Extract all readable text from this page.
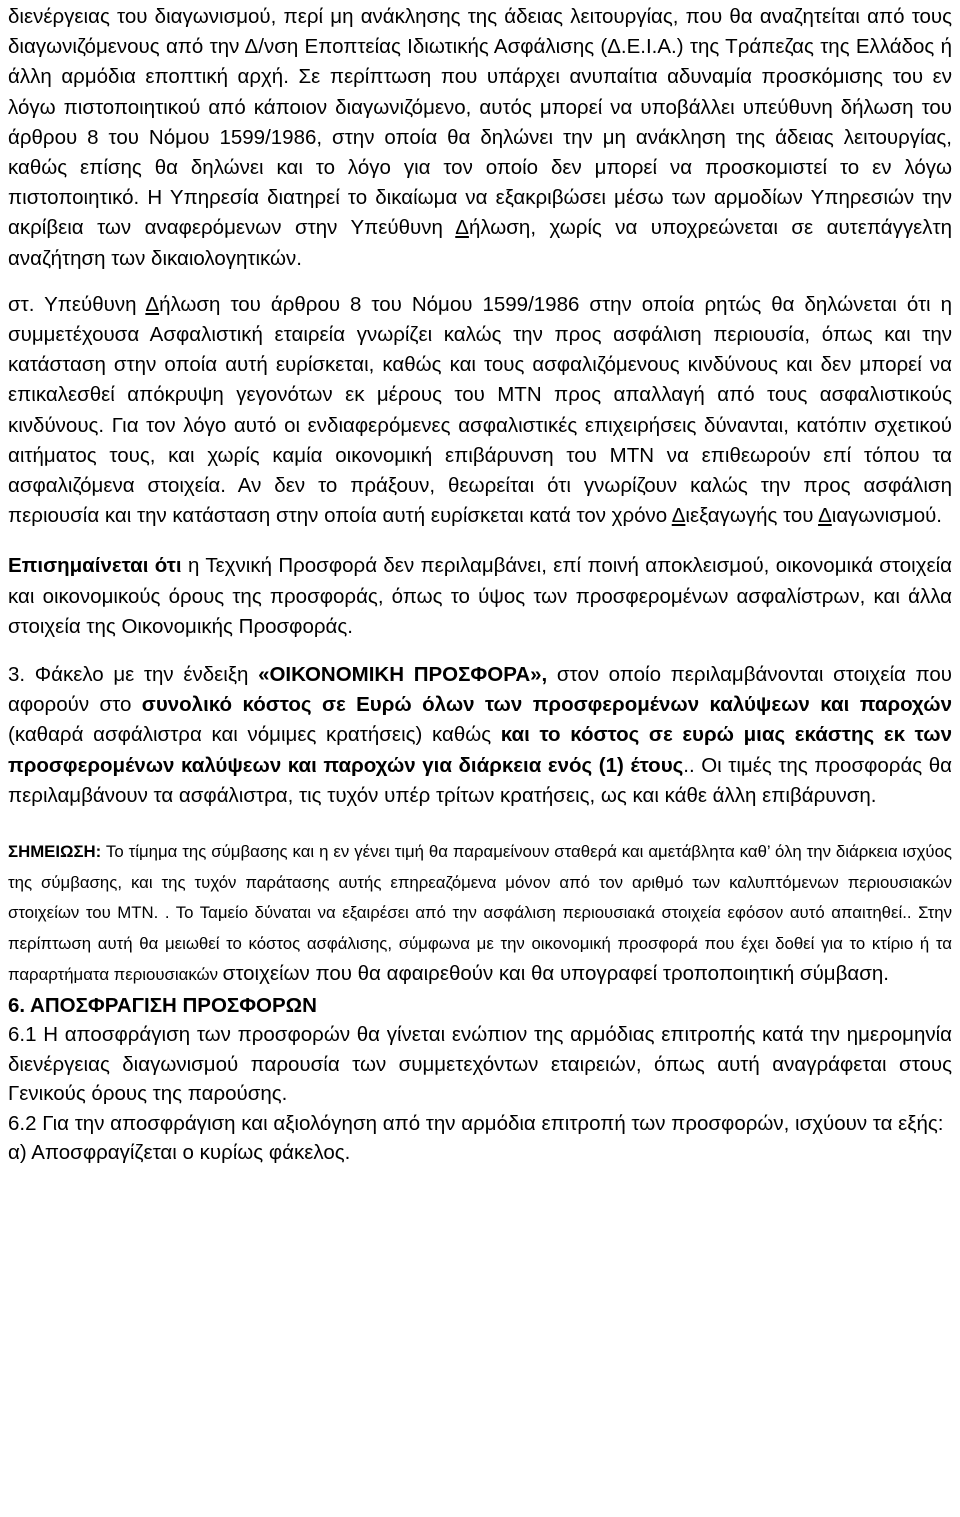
διενέργειας του διαγωνισμού, περί μη ανάκλησης της άδειας λειτουργίας, που θα αναζητείται από τους διαγωνιζόμενους από την Δ/νση Εποπτείας Ιδιωτικής Ασφάλισης (Δ.Ε.Ι.Α.) της Τράπεζας της Ελλάδος ή άλλη αρμόδια εποπτική αρχή. Σε περίπτωση που υπάρχει ανυπαίτια αδυναμία προσκόμισης του εν λόγω πιστοποιητικού από κάποιον διαγωνιζόμενο, αυτός μπορεί να υποβάλλει υπεύθυνη δήλωση του άρθρου 8 του Νόμου 1599/1986, στην οποία θα δηλώνει την μη ανάκληση της άδειας λειτουργίας, καθώς επίσης θα δηλώνει και το λόγο για τον οποίο δεν μπορεί να προσκομιστεί το εν λόγω πιστοποιητικό. Η Υπηρεσία διατηρεί το δικαίωμα να εξακριβώσει μέσω των αρμοδίων Υπηρεσιών την ακρίβεια των αναφερόμενων στην Υπεύθυνη Δήλωση, χωρίς να υποχρεώνεται σε αυτεπάγγελτη αναζήτηση των δικαιολογητικών.

στ. Υπεύθυνη Δήλωση του άρθρου 8 του Νόμου 1599/1986 στην οποία ρητώς θα δηλώνεται ότι η συμμετέχουσα Ασφαλιστική εταιρεία γνωρίζει καλώς την προς ασφάλιση περιουσία, όπως και την κατάσταση στην οποία αυτή ευρίσκεται, καθώς και τους ασφαλιζόμενους κινδύνους και δεν μπορεί να επικαλεσθεί απόκρυψη γεγονότων εκ μέρους του ΜΤΝ προς απαλλαγή από τους ασφαλιστικούς κινδύνους. Για τον λόγο αυτό οι ενδιαφερόμενες ασφαλιστικές επιχειρήσεις δύνανται, κατόπιν σχετικού αιτήματος τους, και χωρίς καμία οικονομική επιβάρυνση του ΜΤΝ να επιθεωρούν επί τόπου τα ασφαλιζόμενα στοιχεία. Αν δεν το πράξουν, θεωρείται ότι γνωρίζουν καλώς την προς ασφάλιση περιουσία και την κατάσταση στην οποία αυτή ευρίσκεται κατά τον χρόνο Διεξαγωγής του Διαγωνισμού.

Επισημαίνεται ότι η Τεχνική Προσφορά δεν περιλαμβάνει, επί ποινή αποκλεισμού, οικονομικά στοιχεία και οικονομικούς όρους της προσφοράς, όπως το ύψος των προσφερομένων ασφαλίστρων, και άλλα στοιχεία της Οικονομικής Προσφοράς.

3. Φάκελο με την ένδειξη «ΟΙΚΟΝΟΜΙΚΗ ΠΡΟΣΦΟΡΑ», στον οποίο περιλαμβάνονται στοιχεία που αφορούν στο συνολικό κόστος σε Ευρώ όλων των προσφερομένων καλύψεων και παροχών (καθαρά ασφάλιστρα και νόμιμες κρατήσεις) καθώς και το κόστος σε ευρώ μιας εκάστης εκ των προσφερομένων καλύψεων και παροχών για διάρκεια ενός (1) έτους.. Οι τιμές της προσφοράς θα περιλαμβάνουν τα ασφάλιστρα, τις τυχόν υπέρ τρίτων κρατήσεις, ως και κάθε άλλη επιβάρυνση.

ΣΗΜΕΙΩΣΗ: Το τίμημα της σύμβασης και η εν γένει τιμή θα παραμείνουν σταθερά και αμετάβλητα καθ’ όλη την διάρκεια ισχύος της σύμβασης, και της τυχόν παράτασης αυτής επηρεαζόμενα μόνον από τον αριθμό των καλυπτόμενων περιουσιακών στοιχείων του ΜΤΝ. . Το Ταμείο δύναται να εξαιρέσει από την ασφάλιση περιουσιακά στοιχεία εφόσον αυτό απαιτηθεί.. Στην περίπτωση αυτή θα μειωθεί το κόστος ασφάλισης, σύμφωνα με την οικονομική προσφορά που έχει δοθεί για το κτίριο ή τα παραρτήματα περιουσιακών στοιχείων που θα αφαιρεθούν και θα υπογραφεί τροποποιητική σύμβαση.

6. ΑΠΟΣΦΡΑΓΙΣΗ ΠΡΟΣΦΟΡΩΝ

6.1 Η αποσφράγιση των προσφορών θα γίνεται ενώπιον της αρμόδιας επιτροπής κατά την ημερομηνία διενέργειας διαγωνισμού παρουσία των συμμετεχόντων εταιρειών, όπως αυτή αναγράφεται στους Γενικούς όρους της παρούσης.

6.2 Για την αποσφράγιση και αξιολόγηση από την αρμόδια επιτροπή των προσφορών, ισχύουν τα εξής:

α) Αποσφραγίζεται ο κυρίως φάκελος.
